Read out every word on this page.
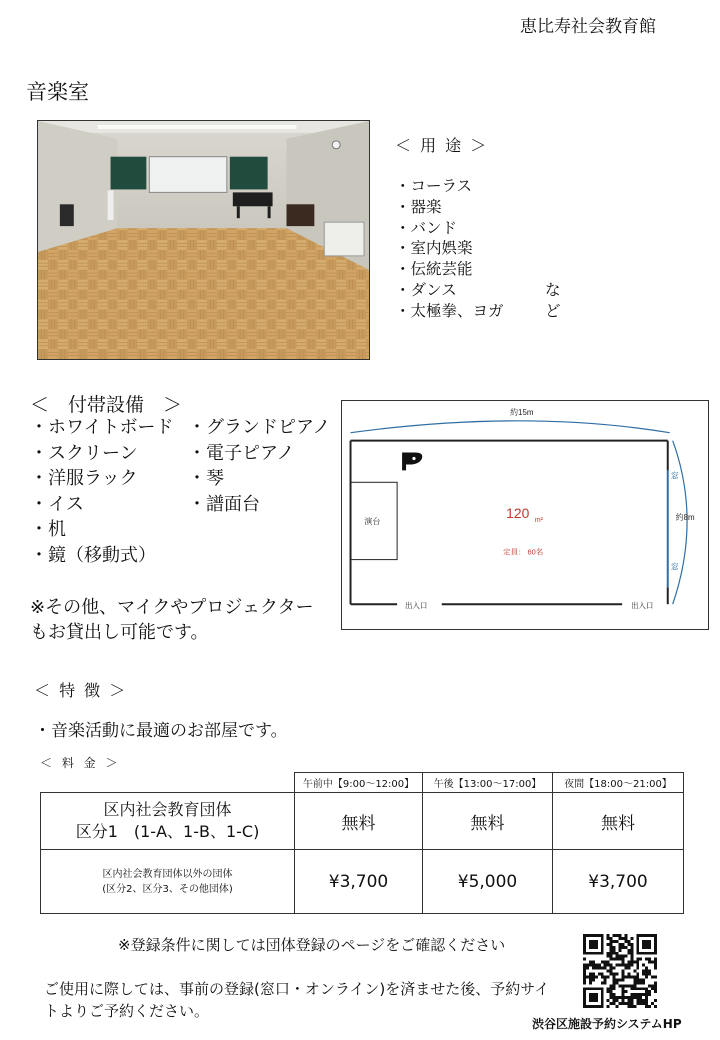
恵比寿社会教育館
音楽室
＜ 用 途 ＞
・コーラス
・器楽
・バンド
・室内娯楽
・伝統芸能
・ダンス
・太極拳、ヨガ
など
＜　付帯設備　＞
・ホワイトボード
・スクリーン
・洋服ラック
・イス
・机
・鏡（移動式）
・グランドピアノ
・電子ピアノ
・琴
・譜面台
※その他、マイクやプロジェクターもお貸出し可能です。
約15m
約8m
出入口	出入口
窓
窓
演台
120 m²
定員： 60名
＜ 特 徴 ＞
・音楽活動に最適のお部屋です。
＜ 料 金 ＞
	午前中【9:00～12:00】	午後【13:00～17:00】	夜間【18:00～21:00】

区内社会教育団体
区分1　(1-A、1-B、1-C)	無料	無料	無料

区内社会教育団体以外の団体
(区分2、区分3、その他団体)	¥3,700	¥5,000	¥3,700
※登録条件に関しては団体登録のページをご確認ください
ご使用に際しては、事前の登録(窓口・オンライン)を済ませた後、予約サイトよりご予約ください。
渋谷区施設予約システムHP
